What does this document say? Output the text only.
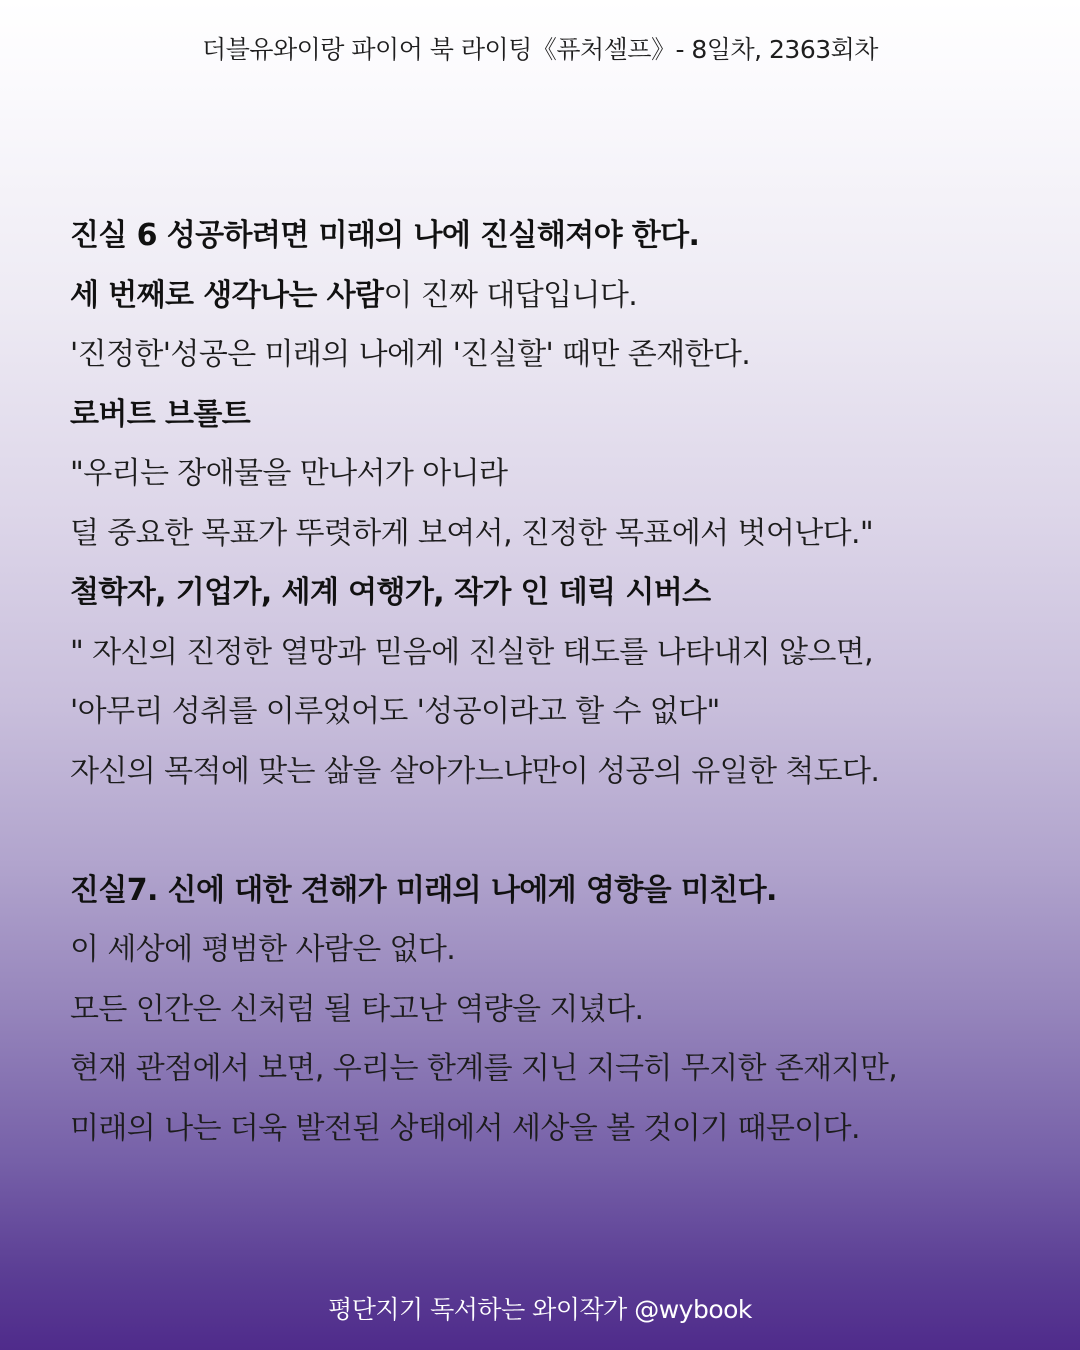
더블유와이랑 파이어 북 라이팅《퓨처셀프》- 8일차, 2363회차
진실 6 성공하려면 미래의 나에 진실해져야 한다.
세 번째로 생각나는 사람이 진짜 대답입니다.
'진정한'성공은 미래의 나에게 '진실할' 때만 존재한다.
로버트 브롤트
"우리는 장애물을 만나서가 아니라
덜 중요한 목표가 뚜렷하게 보여서, 진정한 목표에서 벗어난다."
철학자, 기업가, 세계 여행가, 작가 인 데릭 시버스
" 자신의 진정한 열망과 믿음에 진실한 태도를 나타내지 않으면,
'아무리 성취를 이루었어도 '성공이라고 할 수 없다"
자신의 목적에 맞는 삶을 살아가느냐만이 성공의 유일한 척도다.
진실7. 신에 대한 견해가 미래의 나에게 영향을 미친다.
이 세상에 평범한 사람은 없다.
모든 인간은 신처럼 될 타고난 역량을 지녔다.
현재 관점에서 보면, 우리는 한계를 지닌 지극히 무지한 존재지만,
미래의 나는 더욱 발전된 상태에서 세상을 볼 것이기 때문이다.
평단지기 독서하는 와이작가 @wybook
